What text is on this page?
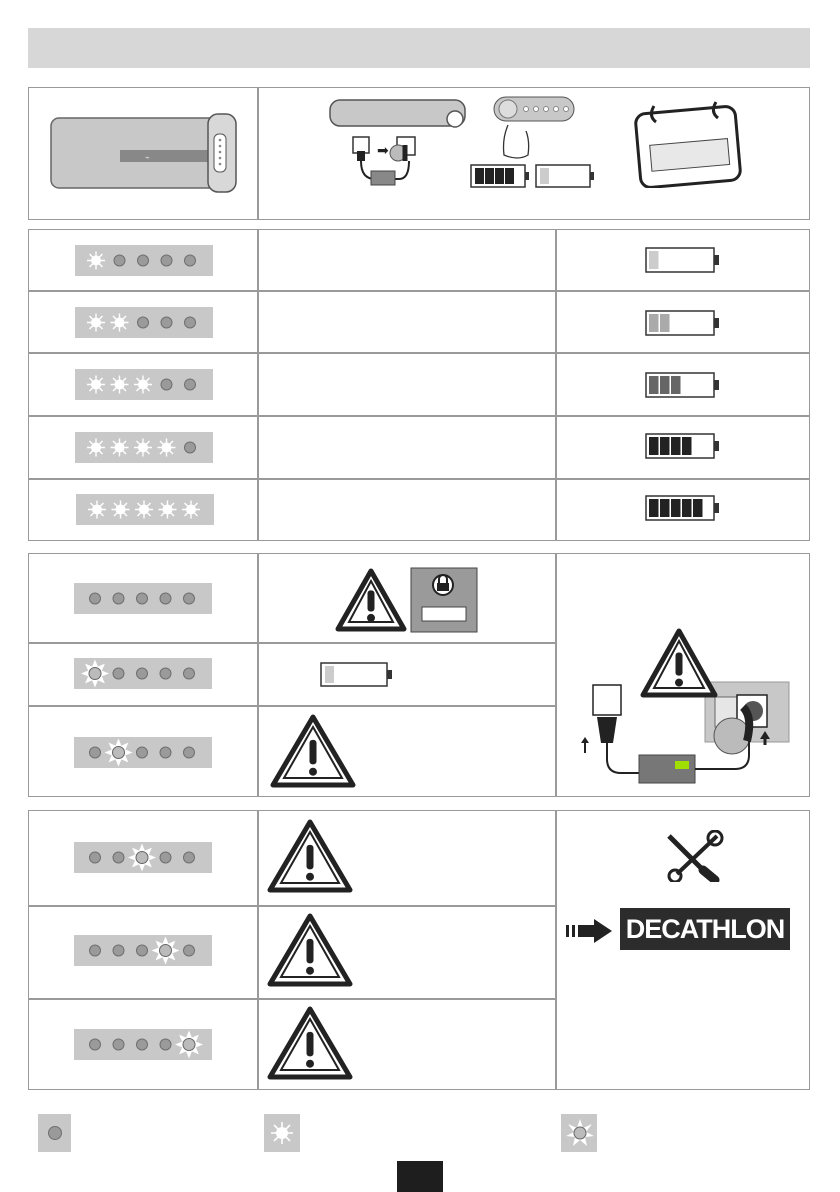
⌁	➡
DECATHLON
